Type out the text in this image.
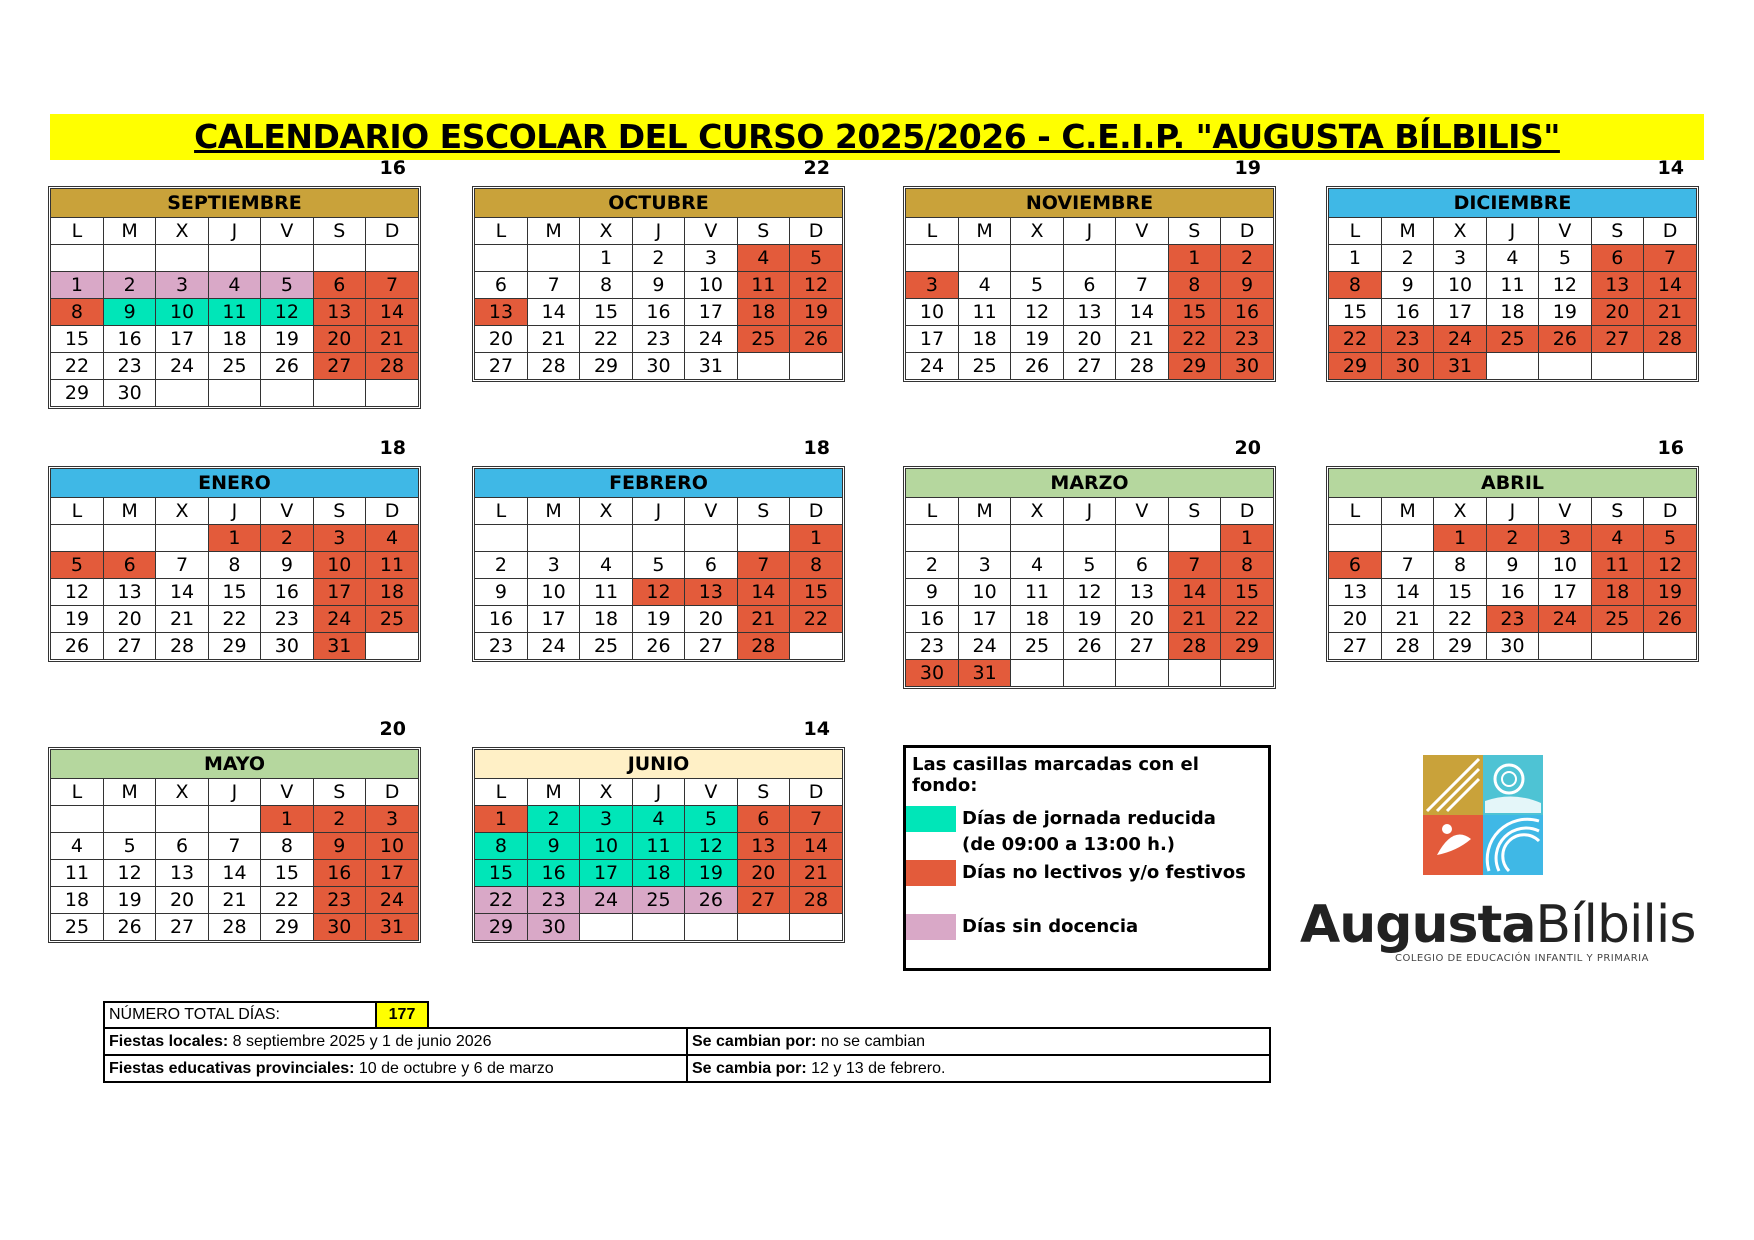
CALENDARIO ESCOLAR DEL CURSO 2025/2026 - C.E.I.P. "AUGUSTA BÍLBILIS"
16
SEPTIEMBRE
L	M	X	J	V	S	D

1	2	3	4	5	6	7
8	9	10	11	12	13	14
15	16	17	18	19	20	21
22	23	24	25	26	27	28
29	30					
22
OCTUBRE
L	M	X	J	V	S	D
		1	2	3	4	5
6	7	8	9	10	11	12
13	14	15	16	17	18	19
20	21	22	23	24	25	26
27	28	29	30	31		
19
NOVIEMBRE
L	M	X	J	V	S	D
					1	2
3	4	5	6	7	8	9
10	11	12	13	14	15	16
17	18	19	20	21	22	23
24	25	26	27	28	29	30
14
DICIEMBRE
L	M	X	J	V	S	D
1	2	3	4	5	6	7
8	9	10	11	12	13	14
15	16	17	18	19	20	21
22	23	24	25	26	27	28
29	30	31				
18
ENERO
L	M	X	J	V	S	D
			1	2	3	4
5	6	7	8	9	10	11
12	13	14	15	16	17	18
19	20	21	22	23	24	25
26	27	28	29	30	31	
18
FEBRERO
L	M	X	J	V	S	D
						1
2	3	4	5	6	7	8
9	10	11	12	13	14	15
16	17	18	19	20	21	22
23	24	25	26	27	28	
20
MARZO
L	M	X	J	V	S	D
						1
2	3	4	5	6	7	8
9	10	11	12	13	14	15
16	17	18	19	20	21	22
23	24	25	26	27	28	29
30	31					
16
ABRIL
L	M	X	J	V	S	D
		1	2	3	4	5
6	7	8	9	10	11	12
13	14	15	16	17	18	19
20	21	22	23	24	25	26
27	28	29	30			
20
MAYO
L	M	X	J	V	S	D
				1	2	3
4	5	6	7	8	9	10
11	12	13	14	15	16	17
18	19	20	21	22	23	24
25	26	27	28	29	30	31
14
JUNIO
L	M	X	J	V	S	D
1	2	3	4	5	6	7
8	9	10	11	12	13	14
15	16	17	18	19	20	21
22	23	24	25	26	27	28
29	30					
Las casillas marcadas con el fondo:
Días de jornada reducida
(de 09:00 a 13:00 h.)
Días no lectivos y/o festivos
Días sin docencia	AugustaBílbilis
COLEGIO DE EDUCACIÓN INFANTIL Y PRIMARIA
NÚMERO TOTAL DÍAS:	177
Fiestas locales: 8 septiembre 2025 y 1 de junio 2026	Se cambian por: no se cambian
Fiestas educativas provinciales: 10 de octubre y 6 de marzo	Se cambia por: 12 y 13 de febrero.
